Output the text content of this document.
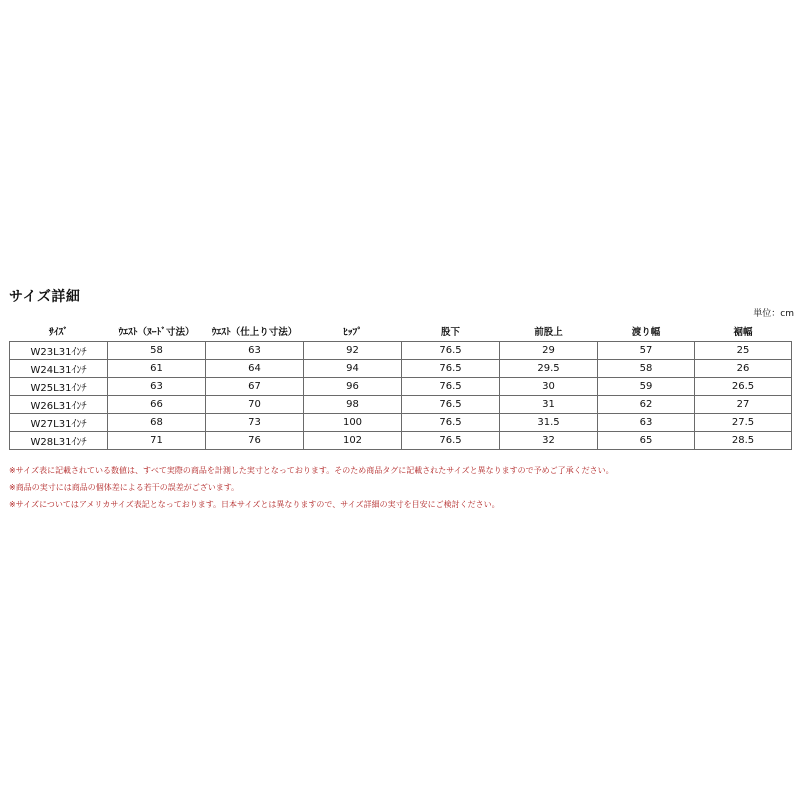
サイズ詳細
単位：cm
ｻｲｽﾞ	ｳｴｽﾄ（ﾇｰﾄﾞ寸法）	ｳｴｽﾄ（仕上り寸法）	ﾋｯﾌﾟ	股下	前股上	渡り幅	裾幅
W23L31ｲﾝﾁ	58	63	92	76.5	29	57	25
W24L31ｲﾝﾁ	61	64	94	76.5	29.5	58	26
W25L31ｲﾝﾁ	63	67	96	76.5	30	59	26.5
W26L31ｲﾝﾁ	66	70	98	76.5	31	62	27
W27L31ｲﾝﾁ	68	73	100	76.5	31.5	63	27.5
W28L31ｲﾝﾁ	71	76	102	76.5	32	65	28.5
※サイズ表に記載されている数値は、すべて実際の商品を計測した実寸となっております。そのため商品タグに記載されたサイズと異なりますので予めご了承ください。
※商品の実寸には商品の個体差による若干の誤差がございます。
※サイズについてはアメリカサイズ表記となっております。日本サイズとは異なりますので、サイズ詳細の実寸を目安にご検討ください。
